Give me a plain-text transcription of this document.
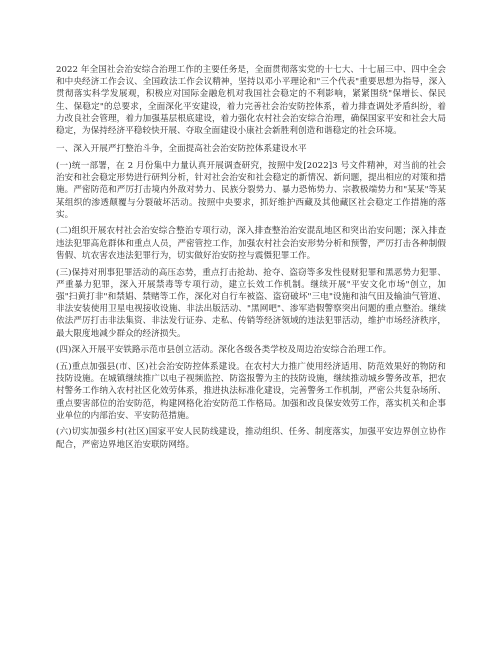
2022 年全国社会治安综合治理工作的主要任务是，全面贯彻落实党的十七大、十七届三中、四中全会和中央经济工作会议、全国政法工作会议精神，坚持以邓小平理论和"三个代表"重要思想为指导，深入贯彻落实科学发展观，积极应对国际金融危机对我国社会稳定的不利影响，紧紧围绕"保增长、保民生、保稳定"的总要求，全面深化平安建设，着力完善社会治安防控体系，着力排查调处矛盾纠纷，着力改良社会管理，着力加强基层根底建设，着力强化农村社会治安综合治理，确保国家平安和社会大局稳定，为保持经济平稳较快开展、夺取全面建设小康社会新胜利创造和谐稳定的社会环境。

一、深入开展严打整治斗争，全面提高社会治安防控体系建设水平

(一)统一部署，在 2 月份集中力量认真开展调查研究，按照中发[2022]3 号文件精神，对当前的社会治安和社会稳定形势进行研判分析，针对社会治安和社会稳定的新情况、新问题，提出相应的对策和措施。严密防范和严厉打击境内外敌对势力、民族分裂势力、暴力恐怖势力、宗教极端势力和"某某"等某某组织的渗透颠覆与分裂破坏活动。按照中央要求，抓好维护西藏及其他藏区社会稳定工作措施的落实。

(二)组织开展农村社会治安综合整治专项行动，深入排查整治治安混乱地区和突出治安问题；深入排查违法犯罪高危群体和重点人员，严密管控工作，加强农村社会治安形势分析和预警，严厉打击各种制假售假、坑农害农违法犯罪行为，切实做好治安防控与震慑犯罪工作。

(三)保持对刑事犯罪活动的高压态势，重点打击抢劫、抢夺、盗窃等多发性侵财犯罪和黑恶势力犯罪、严重暴力犯罪，深入开展禁毒等专项行动，建立长效工作机制。继续开展"平安文化市场"创立，加强"扫黄打非"和禁娼、禁赌等工作，深化对自行车被盗、盗窃破坏"三电"设施和油气田及输油气管道、非法安装使用卫星电视接收设施、非法出版活动、"黑网吧"、渗军造假警察突出问题的重点整治。继续依法严厉打击非法集资、非法发行证券、走私、传销等经济领域的违法犯罪活动，维护市场经济秩序，最大限度地减少群众的经济损失。

(四)深入开展平安铁路示范市县创立活动。深化各级各类学校及周边治安综合治理工作。

(五)重点加强县(市、区)社会治安防控体系建设。在农村大力推广使用经济适用、防范效果好的物防和技防设施。在城镇继续推广以电子视频监控、防盗报警为主的技防设施，继续推动城乡警务改革，把农村警务工作纳入农村社区化效劳体系，推进执法标准化建设，完善警务工作机制，严密公共复杂场所、重点要害部位的治安防范，构建网格化治安防范工作格局。加强和改良保安效劳工作，落实机关和企事业单位的内部治安、平安防范措施。

(六)切实加强乡村(社区)国家平安人民防线建设，推动组织、任务、制度落实，加强平安边界创立协作配合，严密边界地区治安联防网络。
